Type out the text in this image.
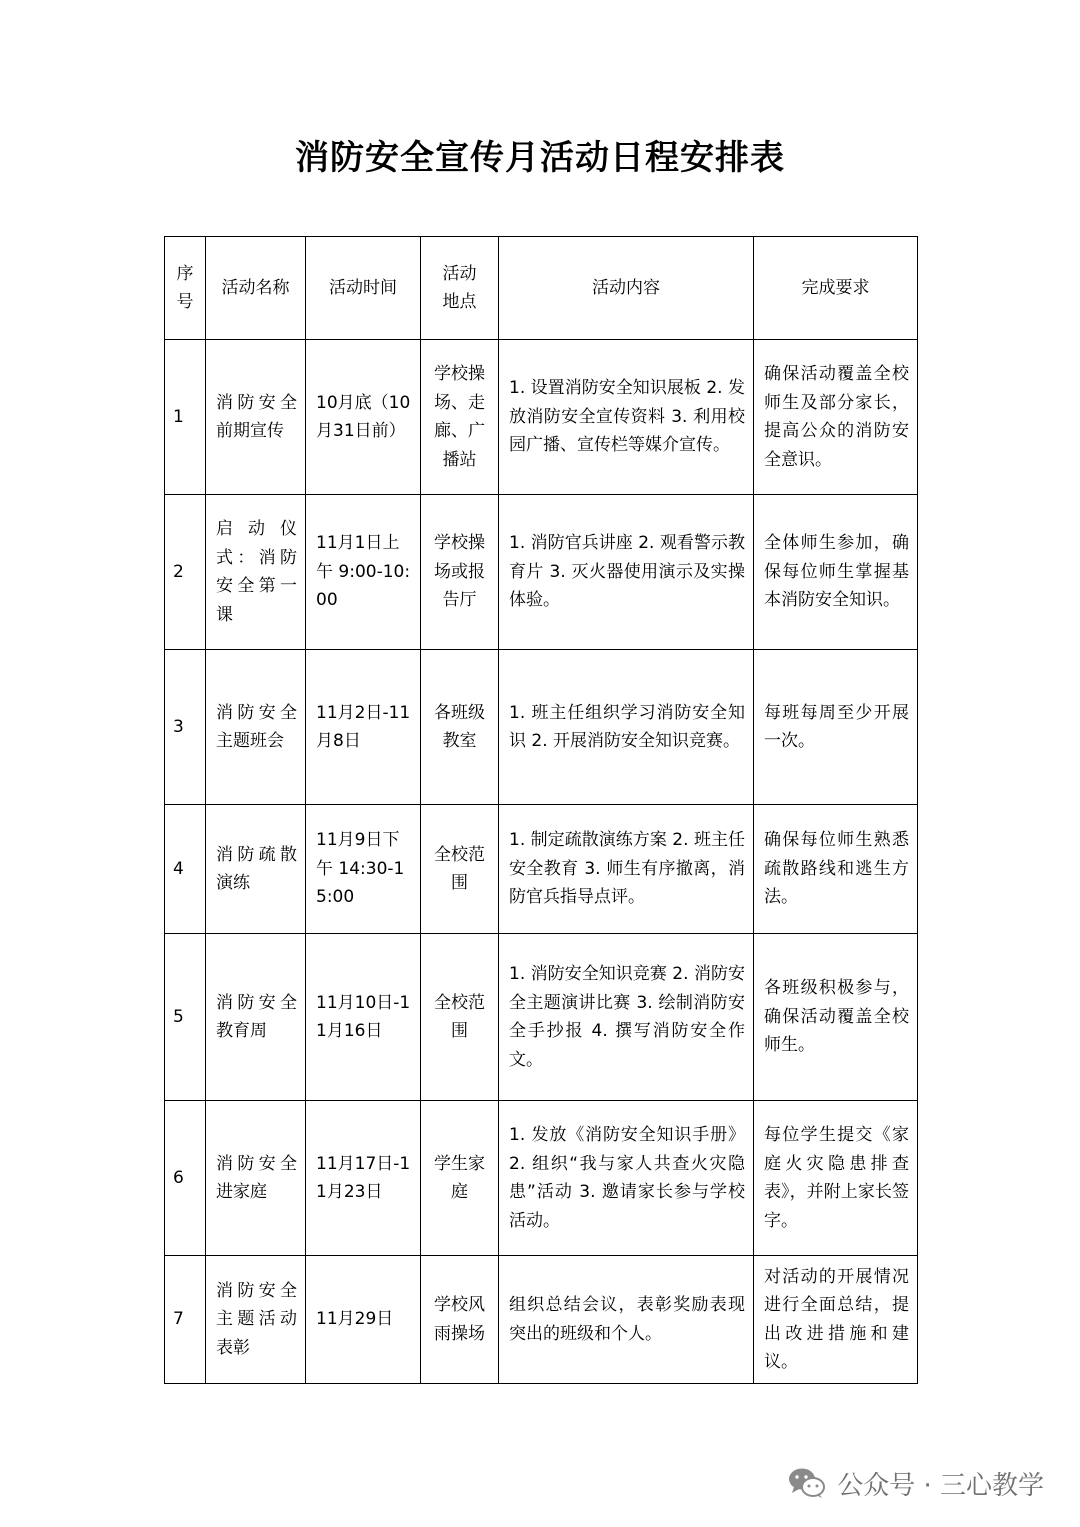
消防安全宣传月活动日程安排表
序号	活动名称	活动时间	活动地点	活动内容	完成要求
1	消防安全前期宣传	10月底（10月31日前）	学校操场、走廊、广播站	1. 设置消防安全知识展板 2. 发放消防安全宣传资料 3. 利用校园广播、宣传栏等媒介宣传。	确保活动覆盖全校师生及部分家长，提高公众的消防安全意识。
2	启动仪式：消防安全第一课	11月1日上午 9:00-10:00	学校操场或报告厅	1. 消防官兵讲座 2. 观看警示教育片 3. 灭火器使用演示及实操体验。	全体师生参加，确保每位师生掌握基本消防安全知识。
3	消防安全主题班会	11月2日-11月8日	各班级教室	1. 班主任组织学习消防安全知识 2. 开展消防安全知识竞赛。	每班每周至少开展一次。
4	消防疏散演练	11月9日下午 14:30-15:00	全校范围	1. 制定疏散演练方案 2. 班主任安全教育 3. 师生有序撤离，消防官兵指导点评。	确保每位师生熟悉疏散路线和逃生方法。
5	消防安全教育周	11月10日-11月16日	全校范围	1. 消防安全知识竞赛 2. 消防安全主题演讲比赛 3. 绘制消防安全手抄报 4. 撰写消防安全作文。	各班级积极参与，确保活动覆盖全校师生。
6	消防安全进家庭	11月17日-11月23日	学生家庭	1. 发放《消防安全知识手册》 2. 组织“我与家人共查火灾隐患”活动 3. 邀请家长参与学校活动。	每位学生提交《家庭火灾隐患排查表》，并附上家长签字。
7	消防安全主题活动表彰	11月29日	学校风雨操场	组织总结会议，表彰奖励表现突出的班级和个人。	对活动的开展情况进行全面总结，提出改进措施和建议。
公众号 · 三心教学
